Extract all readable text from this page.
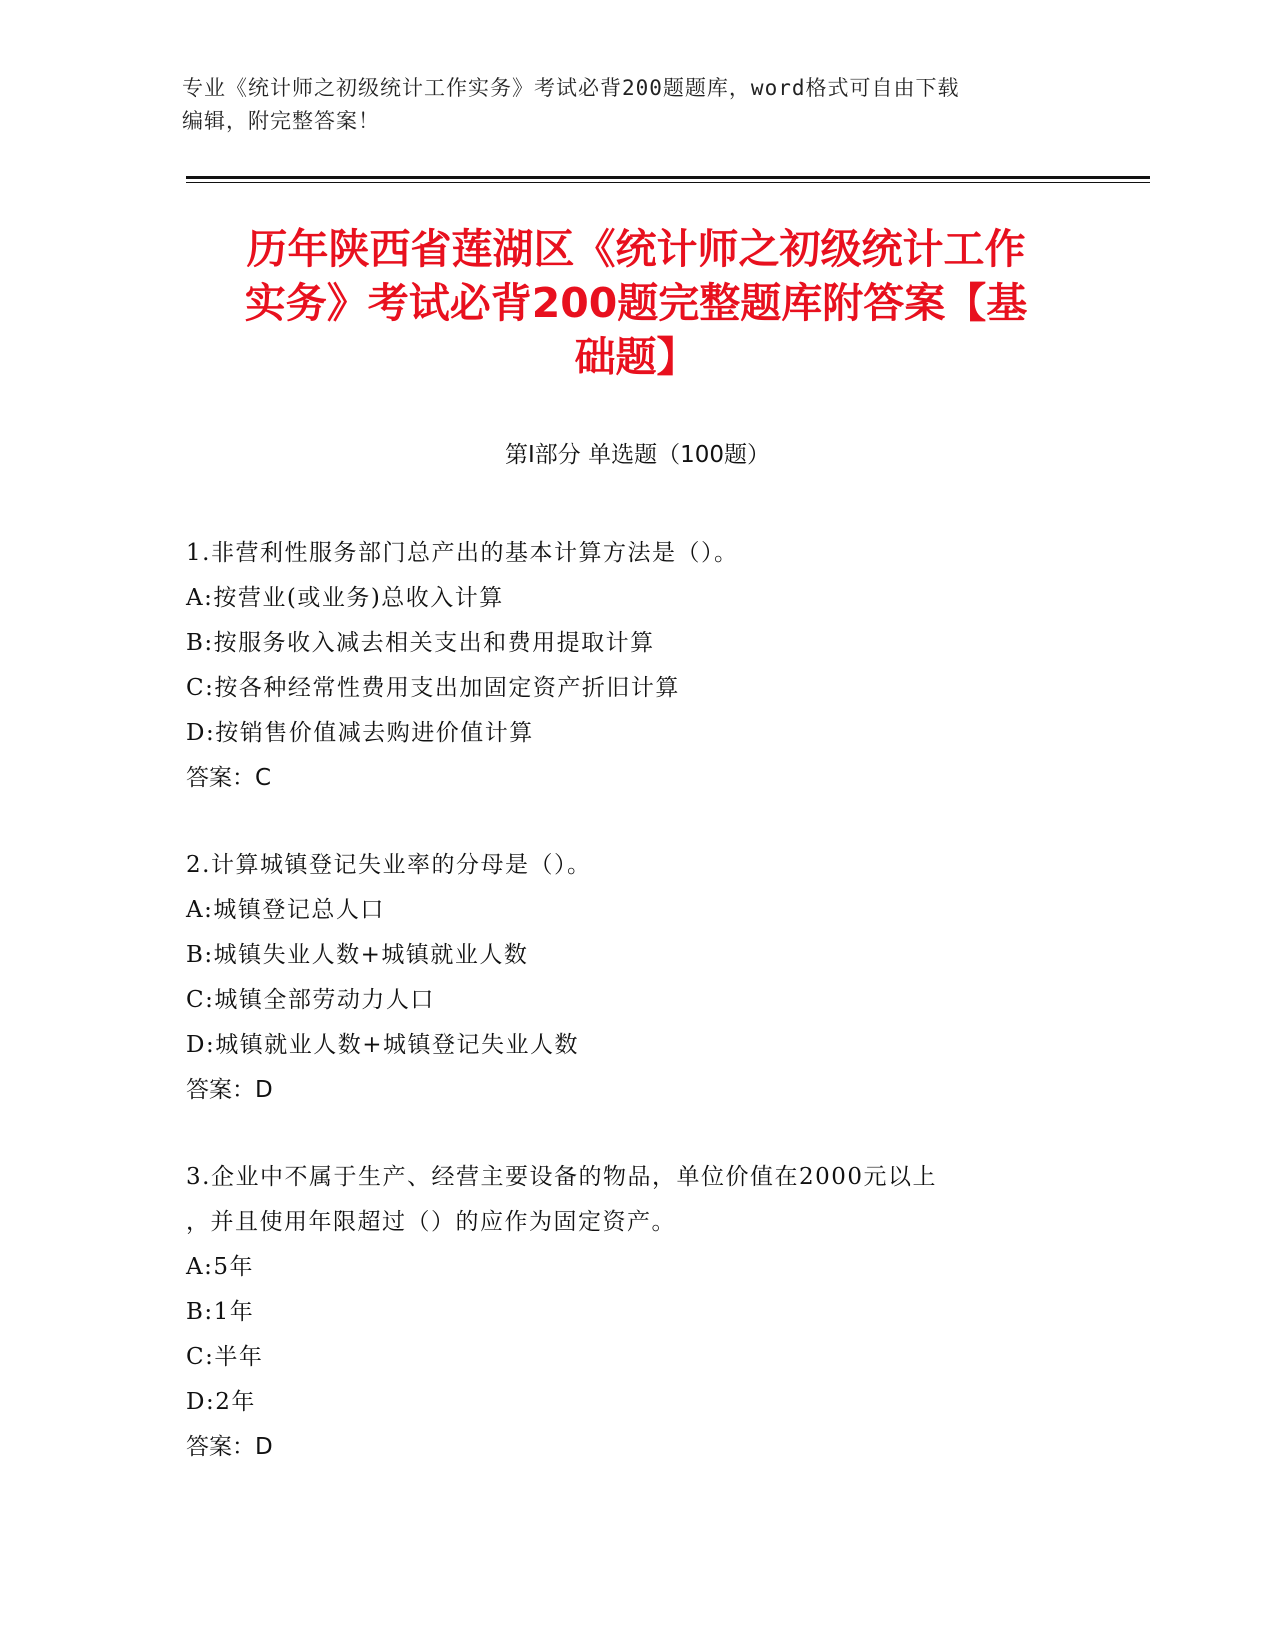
专业《统计师之初级统计工作实务》考试必背200题题库，word格式可自由下载
编辑，附完整答案！
历年陕西省莲湖区《统计师之初级统计工作
实务》考试必背200题完整题库附答案【基
础题】
第Ⅰ部分 单选题（100题）
1.非营利性服务部门总产出的基本计算方法是（）。
A:按营业(或业务)总收入计算
B:按服务收入减去相关支出和费用提取计算
C:按各种经常性费用支出加固定资产折旧计算
D:按销售价值减去购进价值计算
答案：C
2.计算城镇登记失业率的分母是（）。
A:城镇登记总人口
B:城镇失业人数+城镇就业人数
C:城镇全部劳动力人口
D:城镇就业人数+城镇登记失业人数
答案：D
3.企业中不属于生产、经营主要设备的物品，单位价值在2000元以上
，并且使用年限超过（）的应作为固定资产。
A:5年
B:1年
C:半年
D:2年
答案：D
